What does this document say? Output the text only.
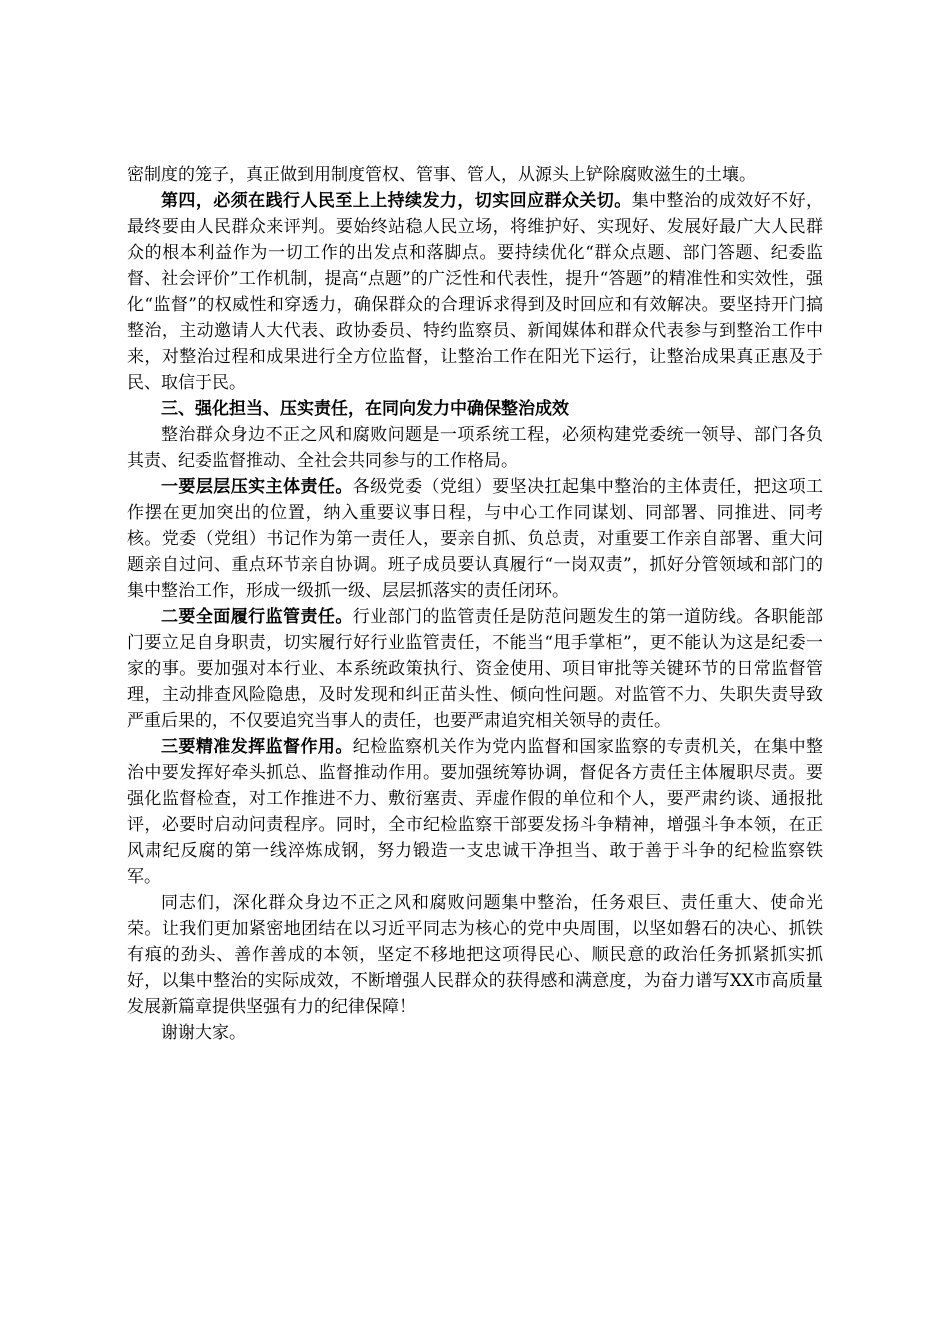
密制度的笼子，真正做到用制度管权、管事、管人，从源头上铲除腐败滋生的土壤。

第四，必须在践行人民至上上持续发力，切实回应群众关切。集中整治的成效好不好，最终要由人民群众来评判。要始终站稳人民立场，将维护好、实现好、发展好最广大人民群众的根本利益作为一切工作的出发点和落脚点。要持续优化“群众点题、部门答题、纪委监督、社会评价”工作机制，提高“点题”的广泛性和代表性，提升“答题”的精准性和实效性，强化“监督”的权威性和穿透力，确保群众的合理诉求得到及时回应和有效解决。要坚持开门搞整治，主动邀请人大代表、政协委员、特约监察员、新闻媒体和群众代表参与到整治工作中来，对整治过程和成果进行全方位监督，让整治工作在阳光下运行，让整治成果真正惠及于民、取信于民。

三、强化担当、压实责任，在同向发力中确保整治成效

整治群众身边不正之风和腐败问题是一项系统工程，必须构建党委统一领导、部门各负其责、纪委监督推动、全社会共同参与的工作格局。

一要层层压实主体责任。各级党委（党组）要坚决扛起集中整治的主体责任，把这项工作摆在更加突出的位置，纳入重要议事日程，与中心工作同谋划、同部署、同推进、同考核。党委（党组）书记作为第一责任人，要亲自抓、负总责，对重要工作亲自部署、重大问题亲自过问、重点环节亲自协调。班子成员要认真履行“一岗双责”，抓好分管领域和部门的集中整治工作，形成一级抓一级、层层抓落实的责任闭环。

二要全面履行监管责任。行业部门的监管责任是防范问题发生的第一道防线。各职能部门要立足自身职责，切实履行好行业监管责任，不能当“甩手掌柜”，更不能认为这是纪委一家的事。要加强对本行业、本系统政策执行、资金使用、项目审批等关键环节的日常监督管理，主动排查风险隐患，及时发现和纠正苗头性、倾向性问题。对监管不力、失职失责导致严重后果的，不仅要追究当事人的责任，也要严肃追究相关领导的责任。

三要精准发挥监督作用。纪检监察机关作为党内监督和国家监察的专责机关，在集中整治中要发挥好牵头抓总、监督推动作用。要加强统筹协调，督促各方责任主体履职尽责。要强化监督检查，对工作推进不力、敷衍塞责、弄虚作假的单位和个人，要严肃约谈、通报批评，必要时启动问责程序。同时，全市纪检监察干部要发扬斗争精神，增强斗争本领，在正风肃纪反腐的第一线淬炼成钢，努力锻造一支忠诚干净担当、敢于善于斗争的纪检监察铁军。

同志们，深化群众身边不正之风和腐败问题集中整治，任务艰巨、责任重大、使命光荣。让我们更加紧密地团结在以习近平同志为核心的党中央周围，以坚如磐石的决心、抓铁有痕的劲头、善作善成的本领，坚定不移地把这项得民心、顺民意的政治任务抓紧抓实抓好，以集中整治的实际成效，不断增强人民群众的获得感和满意度，为奋力谱写XX市高质量发展新篇章提供坚强有力的纪律保障！

谢谢大家。
